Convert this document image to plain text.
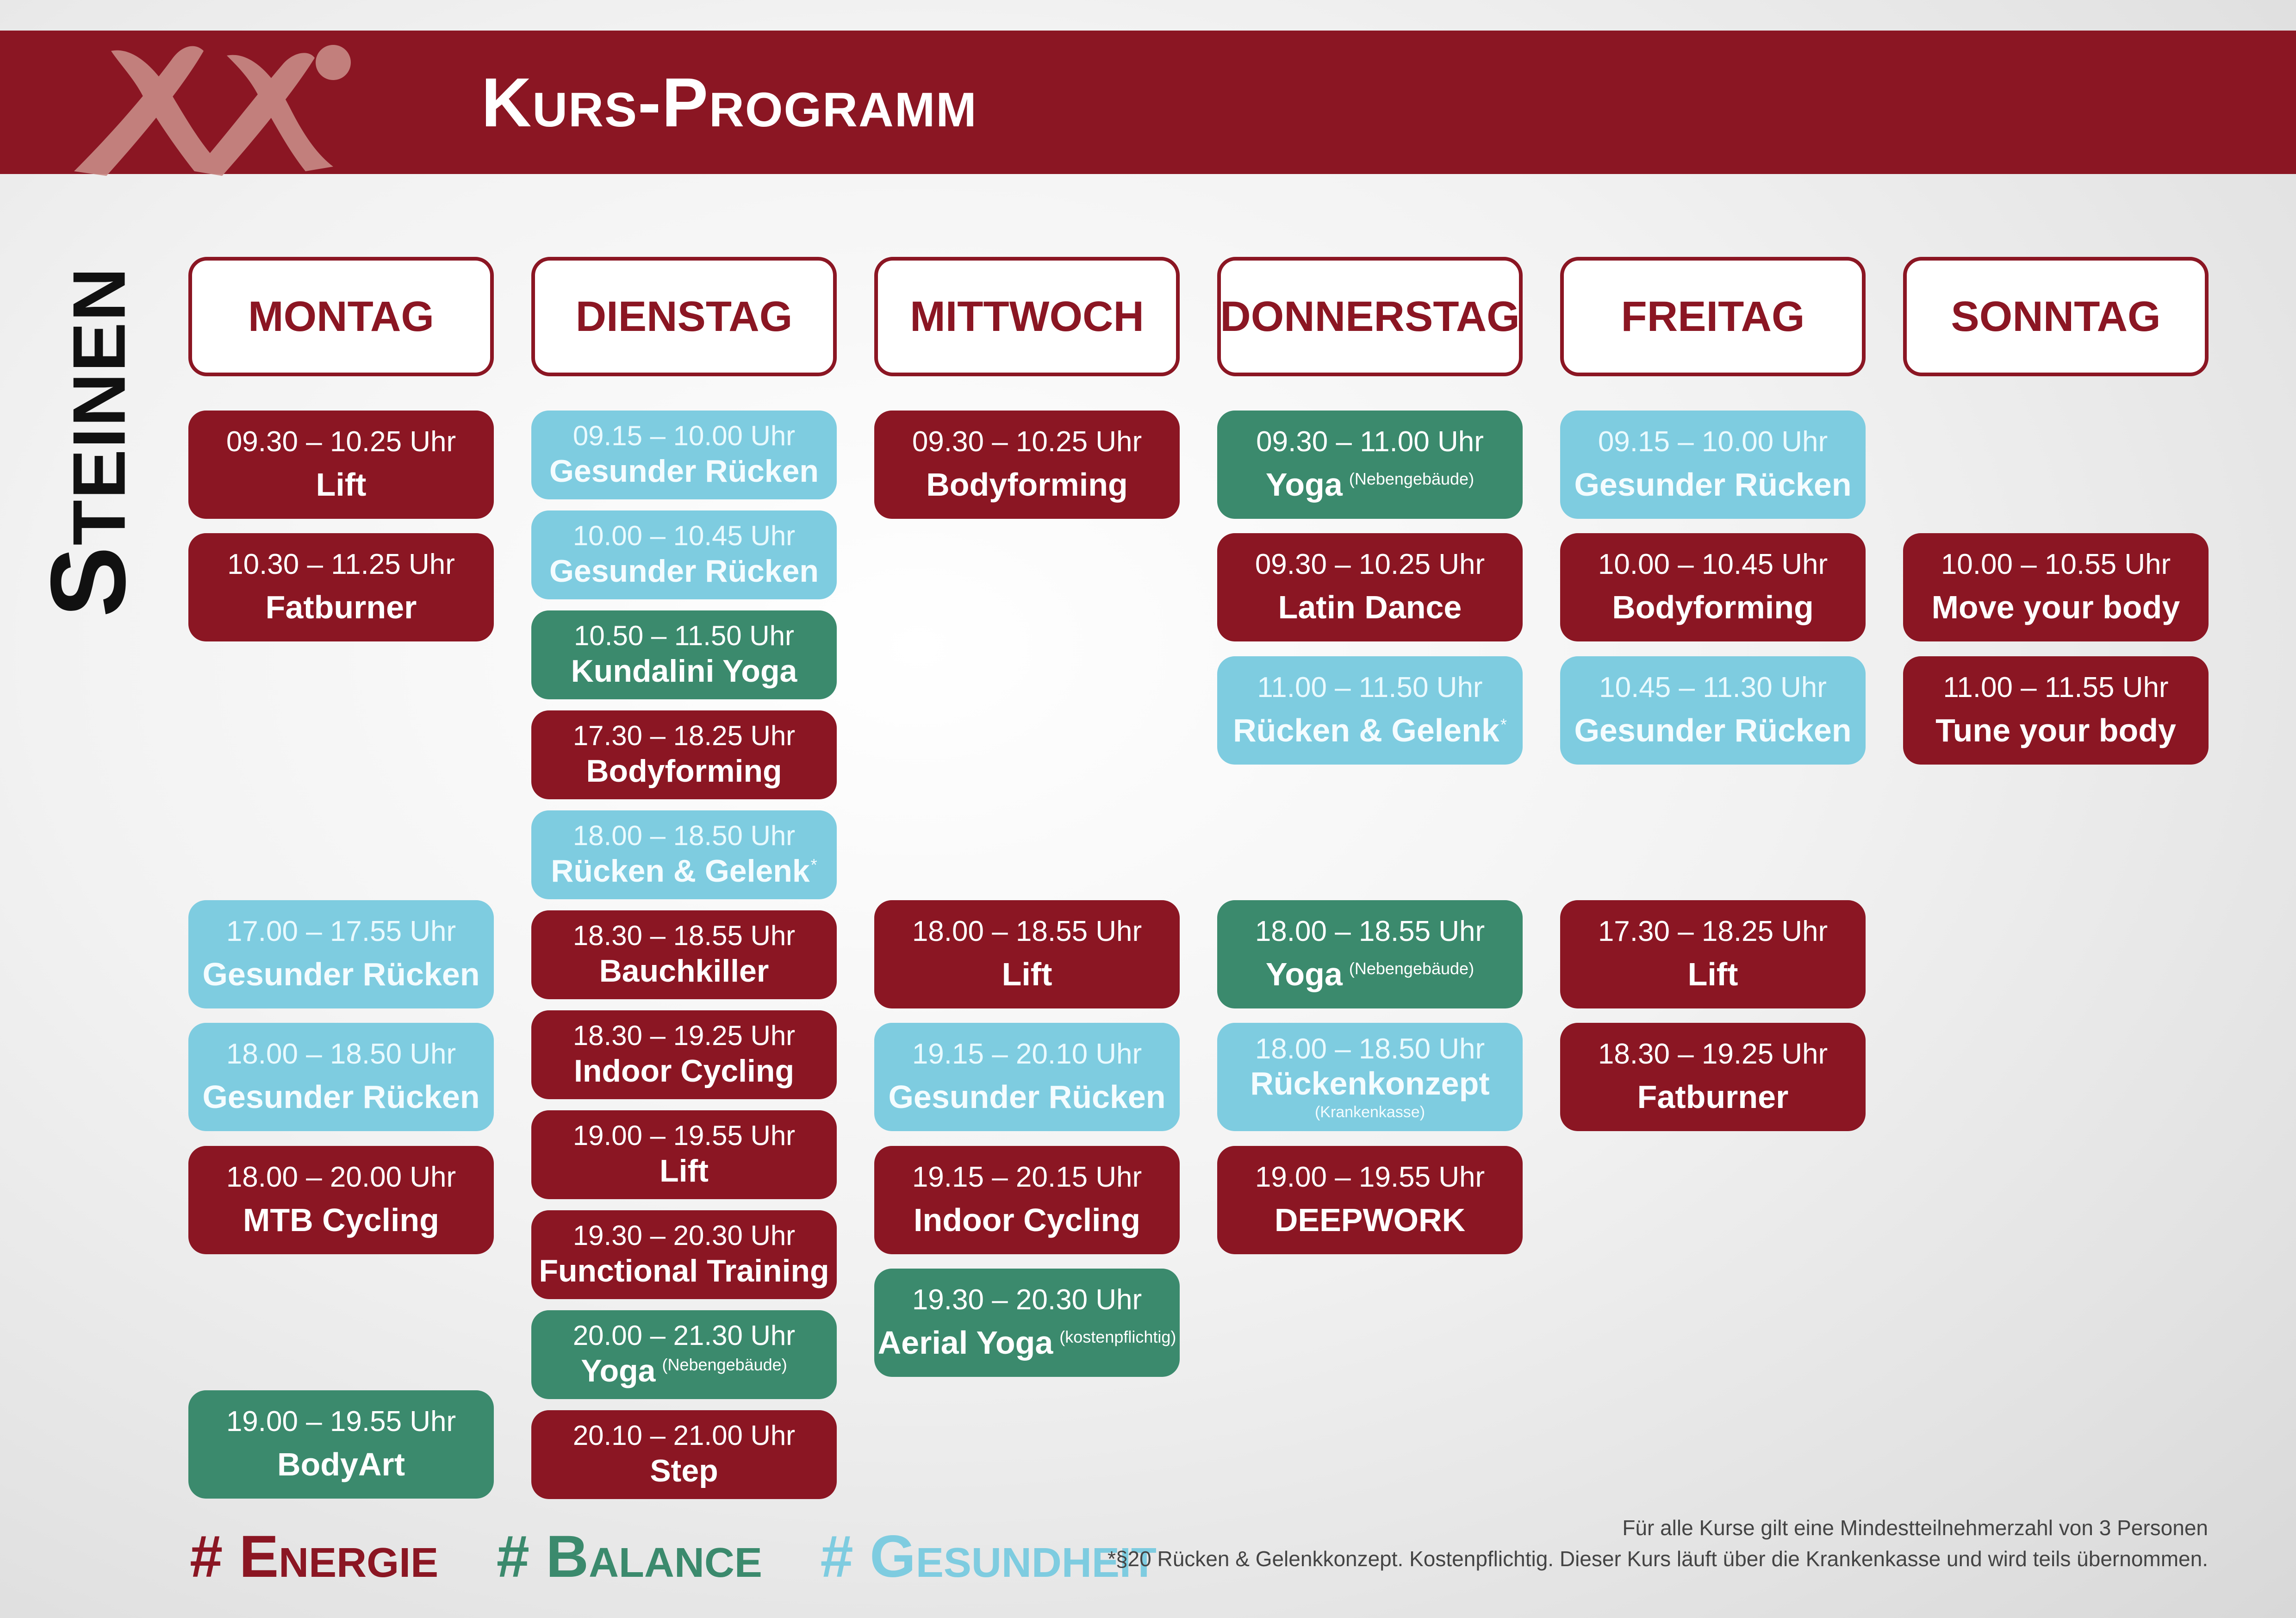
Kurs-Programm
Steinen	MONTAG
09.30 – 10.25 Uhr
Lift
10.30 – 11.25 Uhr
Fatburner
17.00 – 17.55 Uhr
Gesunder Rücken
18.00 – 18.50 Uhr
Gesunder Rücken
18.00 – 20.00 Uhr
MTB Cycling
19.00 – 19.55 Uhr
BodyArt
DIENSTAG
09.15 – 10.00 Uhr
Gesunder Rücken
10.00 – 10.45 Uhr
Gesunder Rücken
10.50 – 11.50 Uhr
Kundalini Yoga
17.30 – 18.25 Uhr
Bodyforming
18.00 – 18.50 Uhr
Rücken & Gelenk*
18.30 – 18.55 Uhr
Bauchkiller
18.30 – 19.25 Uhr
Indoor Cycling
19.00 – 19.55 Uhr
Lift
19.30 – 20.30 Uhr
Functional Training
20.00 – 21.30 Uhr
Yoga $^{(Nebengebäude)}$
20.10 – 21.00 Uhr
Step
MITTWOCH
09.30 – 10.25 Uhr
Bodyforming
18.00 – 18.55 Uhr
Lift
19.15 – 20.10 Uhr
Gesunder Rücken
19.15 – 20.15 Uhr
Indoor Cycling
19.30 – 20.30 Uhr
Aerial Yoga $^{(kostenpflichtig)}$
DONNERSTAG
09.30 – 11.00 Uhr
Yoga $^{(Nebengebäude)}$
09.30 – 10.25 Uhr
Latin Dance
11.00 – 11.50 Uhr
Rücken & Gelenk*
18.00 – 18.55 Uhr
Yoga $^{(Nebengebäude)}$
18.00 – 18.50 Uhr
Rückenkonzept
(Krankenkasse)
19.00 – 19.55 Uhr
DEEPWORK
FREITAG
09.15 – 10.00 Uhr
Gesunder Rücken
10.00 – 10.45 Uhr
Bodyforming
10.45 – 11.30 Uhr
Gesunder Rücken
17.30 – 18.25 Uhr
Lift
18.30 – 19.25 Uhr
Fatburner
SONNTAG
10.00 – 10.55 Uhr
Move your body
11.00 – 11.55 Uhr
Tune your body
# Energie # Balance # Gesundheit	Für alle Kurse gilt eine Mindestteilnehmerzahl von 3 Personen
*§20 Rücken & Gelenkkonzept. Kostenpflichtig. Dieser Kurs läuft über die Krankenkasse und wird teils übernommen.
